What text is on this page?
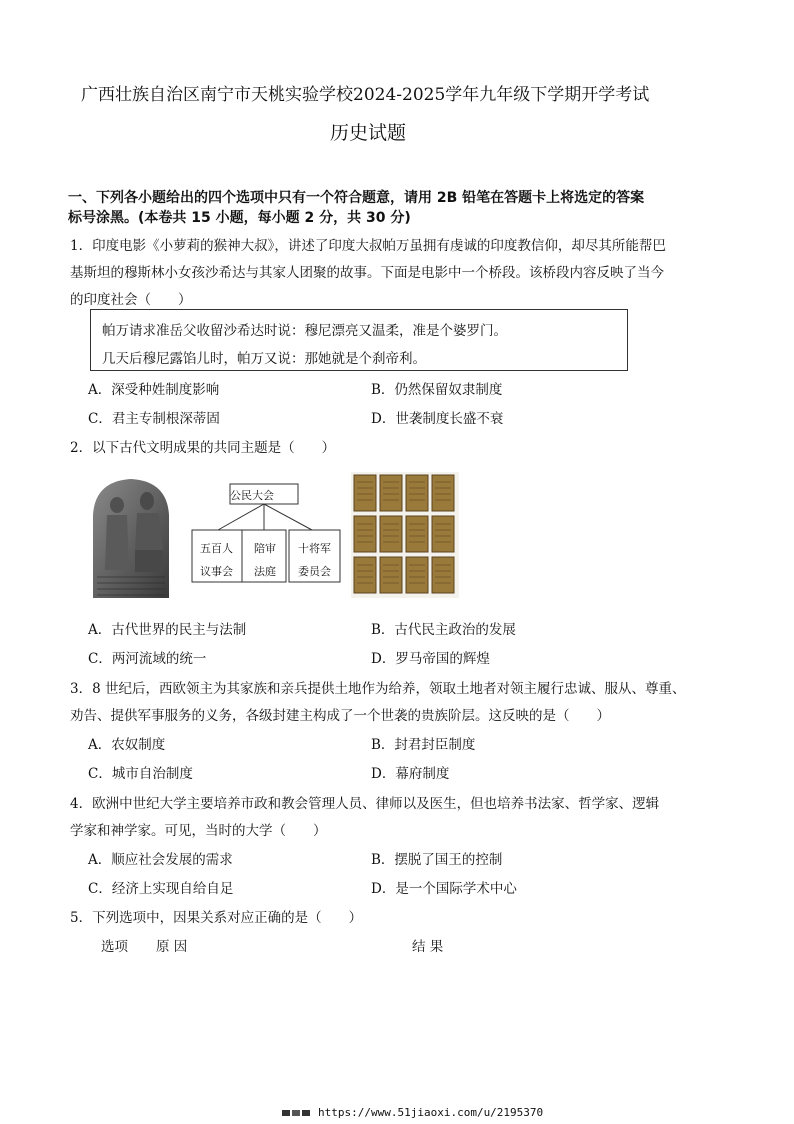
广西壮族自治区南宁市天桃实验学校2024-2025学年九年级下学期开学考试
历史试题
一、下列各小题给出的四个选项中只有一个符合题意，请用 2B 铅笔在答题卡上将选定的答案
标号涂黑。(本卷共 15 小题，每小题 2 分，共 30 分)
1．印度电影《小萝莉的猴神大叔》，讲述了印度大叔帕万虽拥有虔诚的印度教信仰，却尽其所能帮巴
基斯坦的穆斯林小女孩沙希达与其家人团聚的故事。下面是电影中一个桥段。该桥段内容反映了当今
的印度社会（　　）
帕万请求准岳父收留沙希达时说：穆尼漂亮又温柔，准是个婆罗门。
几天后穆尼露馅儿时，帕万又说：那她就是个刹帝利。
A．深受种姓制度影响	B．仍然保留奴隶制度
C．君主专制根深蒂固	D．世袭制度长盛不衰
2．以下古代文明成果的共同主题是（　　）
公民大会
五百人
议事会
陪审
法庭
十将军
委员会
A．古代世界的民主与法制	B．古代民主政治的发展
C．两河流域的统一	D．罗马帝国的辉煌
3．8 世纪后，西欧领主为其家族和亲兵提供土地作为给养，领取土地者对领主履行忠诚、服从、尊重、
劝告、提供军事服务的义务，各级封建主构成了一个世袭的贵族阶层。这反映的是（　　）
A．农奴制度	B．封君封臣制度
C．城市自治制度	D．幕府制度
4．欧洲中世纪大学主要培养市政和教会管理人员、律师以及医生，但也培养书法家、哲学家、逻辑
学家和神学家。可见，当时的大学（　　）
A．顺应社会发展的需求	B．摆脱了国王的控制
C．经济上实现自给自足	D．是一个国际学术中心
5．下列选项中，因果关系对应正确的是（　　）
选项 原 因	结 果
https://www.51jiaoxi.com/u/2195370
